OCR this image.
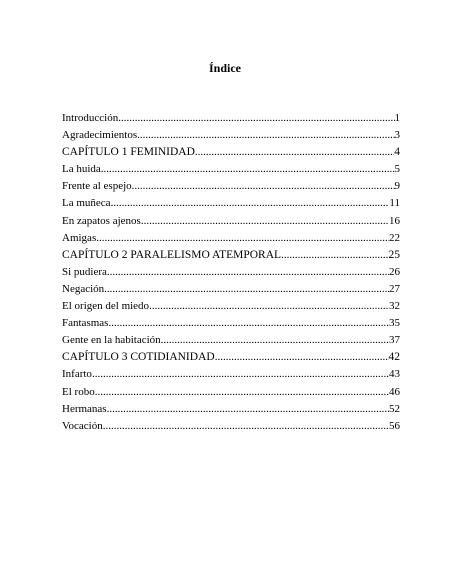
Índice
Introducción .....	1
Agradecimientos .....	3
CAPÍTULO 1 FEMINIDAD .....	4
La huida .....	5
Frente al espejo .....	9
La muñeca .....	11
En zapatos ajenos .....	16
Amigas .....	22
CAPÍTULO 2 PARALELISMO ATEMPORAL .....	25
Si pudiera .....	26
Negación .....	27
El origen del miedo .....	32
Fantasmas .....	35
Gente en la habitación .....	37
CAPÍTULO 3 COTIDIANIDAD .....	42
Infarto .....	43
El robo .....	46
Hermanas .....	52
Vocación .....	56
